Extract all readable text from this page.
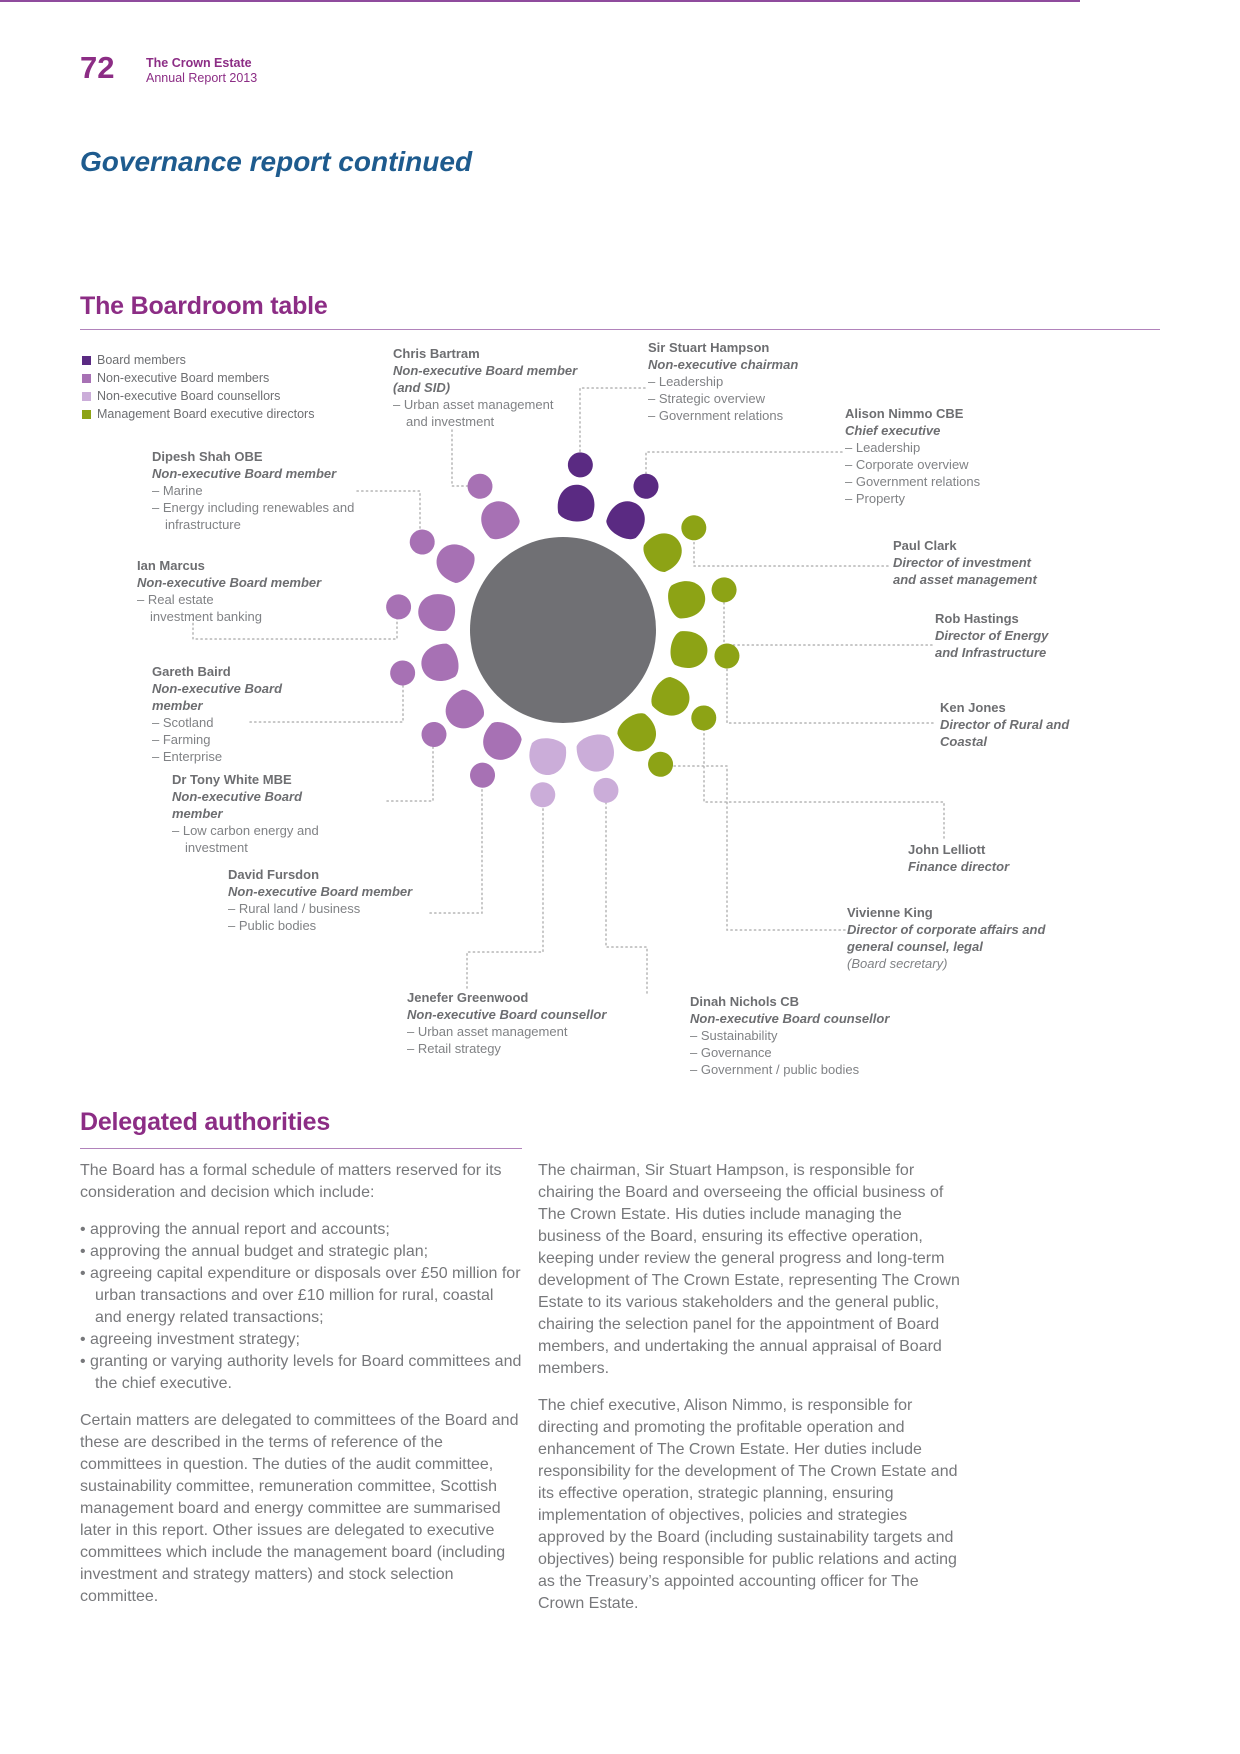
72	The Crown Estate
Annual Report 2013
Governance report continued
The Boardroom table
Board members
Non-executive Board members
Non-executive Board counsellors
Management Board executive directors
Sir Stuart Hampson
Non-executive chairman
– Leadership
– Strategic overview
– Government relations	Alison Nimmo CBE
Chief executive
– Leadership
– Corporate overview
– Government relations
– Property
Paul Clark
Director of investment and asset management
Rob Hastings
Director of Energy and Infrastructure
Ken Jones
Director of Rural and Coastal
John Lelliott
Finance director
Vivienne King
Director of corporate affairs and general counsel, legal
(Board secretary)
Dinah Nichols CB
Non-executive Board counsellor
– Sustainability
– Governance
– Government / public bodies
Jenefer Greenwood
Non-executive Board counsellor
– Urban asset management
– Retail strategy
David Fursdon
Non-executive Board member
– Rural land / business
– Public bodies
Dr Tony White MBE
Non-executive Board member
– Low carbon energy and investment
Gareth Baird
Non-executive Board member
– Scotland
– Farming
– Enterprise
Ian Marcus
Non-executive Board member
– Real estate investment banking
Dipesh Shah OBE
Non-executive Board member
– Marine
– Energy including renewables and infrastructure
Chris Bartram
Non-executive Board member (and SID)
– Urban asset management and investment
Delegated authorities

The Board has a formal schedule of matters reserved for its consideration and decision which include:

• approving the annual report and accounts;
• approving the annual budget and strategic plan;
• agreeing capital expenditure or disposals over £50 million for urban transactions and over £10 million for rural, coastal and energy related transactions;
• agreeing investment strategy;
• granting or varying authority levels for Board committees and the chief executive.

Certain matters are delegated to committees of the Board and these are described in the terms of reference of the committees in question. The duties of the audit committee, sustainability committee, remuneration committee, Scottish management board and energy committee are summarised later in this report. Other issues are delegated to executive committees which include the management board (including investment and strategy matters) and stock selection committee.

The chairman, Sir Stuart Hampson, is responsible for chairing the Board and overseeing the official business of The Crown Estate. His duties include managing the business of the Board, ensuring its effective operation, keeping under review the general progress and long-term development of The Crown Estate, representing The Crown Estate to its various stakeholders and the general public, chairing the selection panel for the appointment of Board members, and undertaking the annual appraisal of Board members.

The chief executive, Alison Nimmo, is responsible for directing and promoting the profitable operation and enhancement of The Crown Estate. Her duties include responsibility for the development of The Crown Estate and its effective operation, strategic planning, ensuring implementation of objectives, policies and strategies approved by the Board (including sustainability targets and objectives) being responsible for public relations and acting as the Treasury’s appointed accounting officer for The Crown Estate.
